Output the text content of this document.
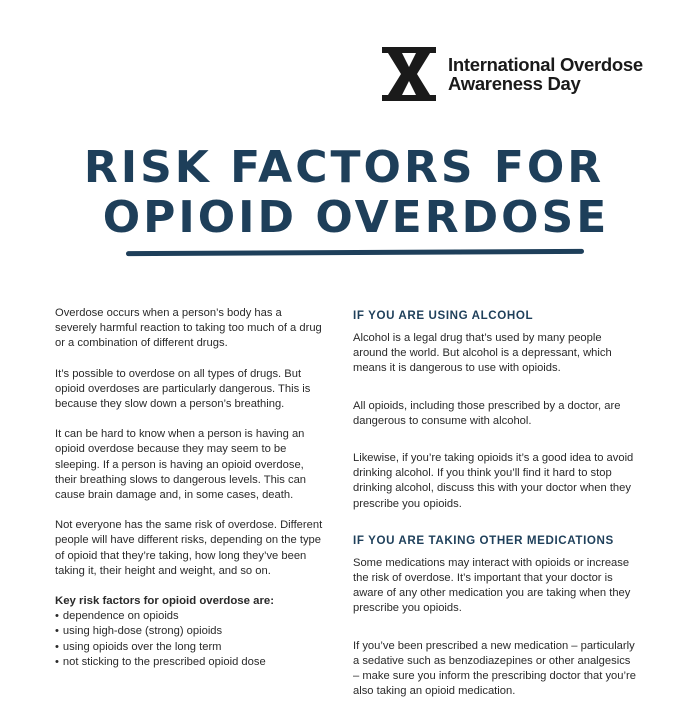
International Overdose
Awareness Day
RISK FACTORS FOR
OPIOID OVERDOSE

Overdose occurs when a person’s body has a severely harmful reaction to taking too much of a drug or a combination of different drugs.

It’s possible to overdose on all types of drugs. But opioid overdoses are particularly dangerous. This is because they slow down a person’s breathing.

It can be hard to know when a person is having an opioid overdose because they may seem to be sleeping. If a person is having an opioid overdose, their breathing slows to dangerous levels. This can cause brain damage and, in some cases, death.

Not everyone has the same risk of overdose. Different people will have different risks, depending on the type of opioid that they’re taking, how long they’ve been taking it, their height and weight, and so on.

Key risk factors for opioid overdose are:
• dependence on opioids
• using high-dose (strong) opioids
• using opioids over the long term
• not sticking to the prescribed opioid dose
IF YOU ARE USING ALCOHOL

Alcohol is a legal drug that’s used by many people around the world. But alcohol is a depressant, which means it is dangerous to use with opioids.

All opioids, including those prescribed by a doctor, are dangerous to consume with alcohol.

Likewise, if you’re taking opioids it’s a good idea to avoid drinking alcohol. If you think you’ll find it hard to stop drinking alcohol, discuss this with your doctor when they prescribe you opioids.

IF YOU ARE TAKING OTHER MEDICATIONS

Some medications may interact with opioids or increase the risk of overdose. It’s important that your doctor is aware of any other medication you are taking when they prescribe you opioids.

If you’ve been prescribed a new medication – particularly a sedative such as benzodiazepines or other analgesics – make sure you inform the prescribing doctor that you’re also taking an opioid medication.
